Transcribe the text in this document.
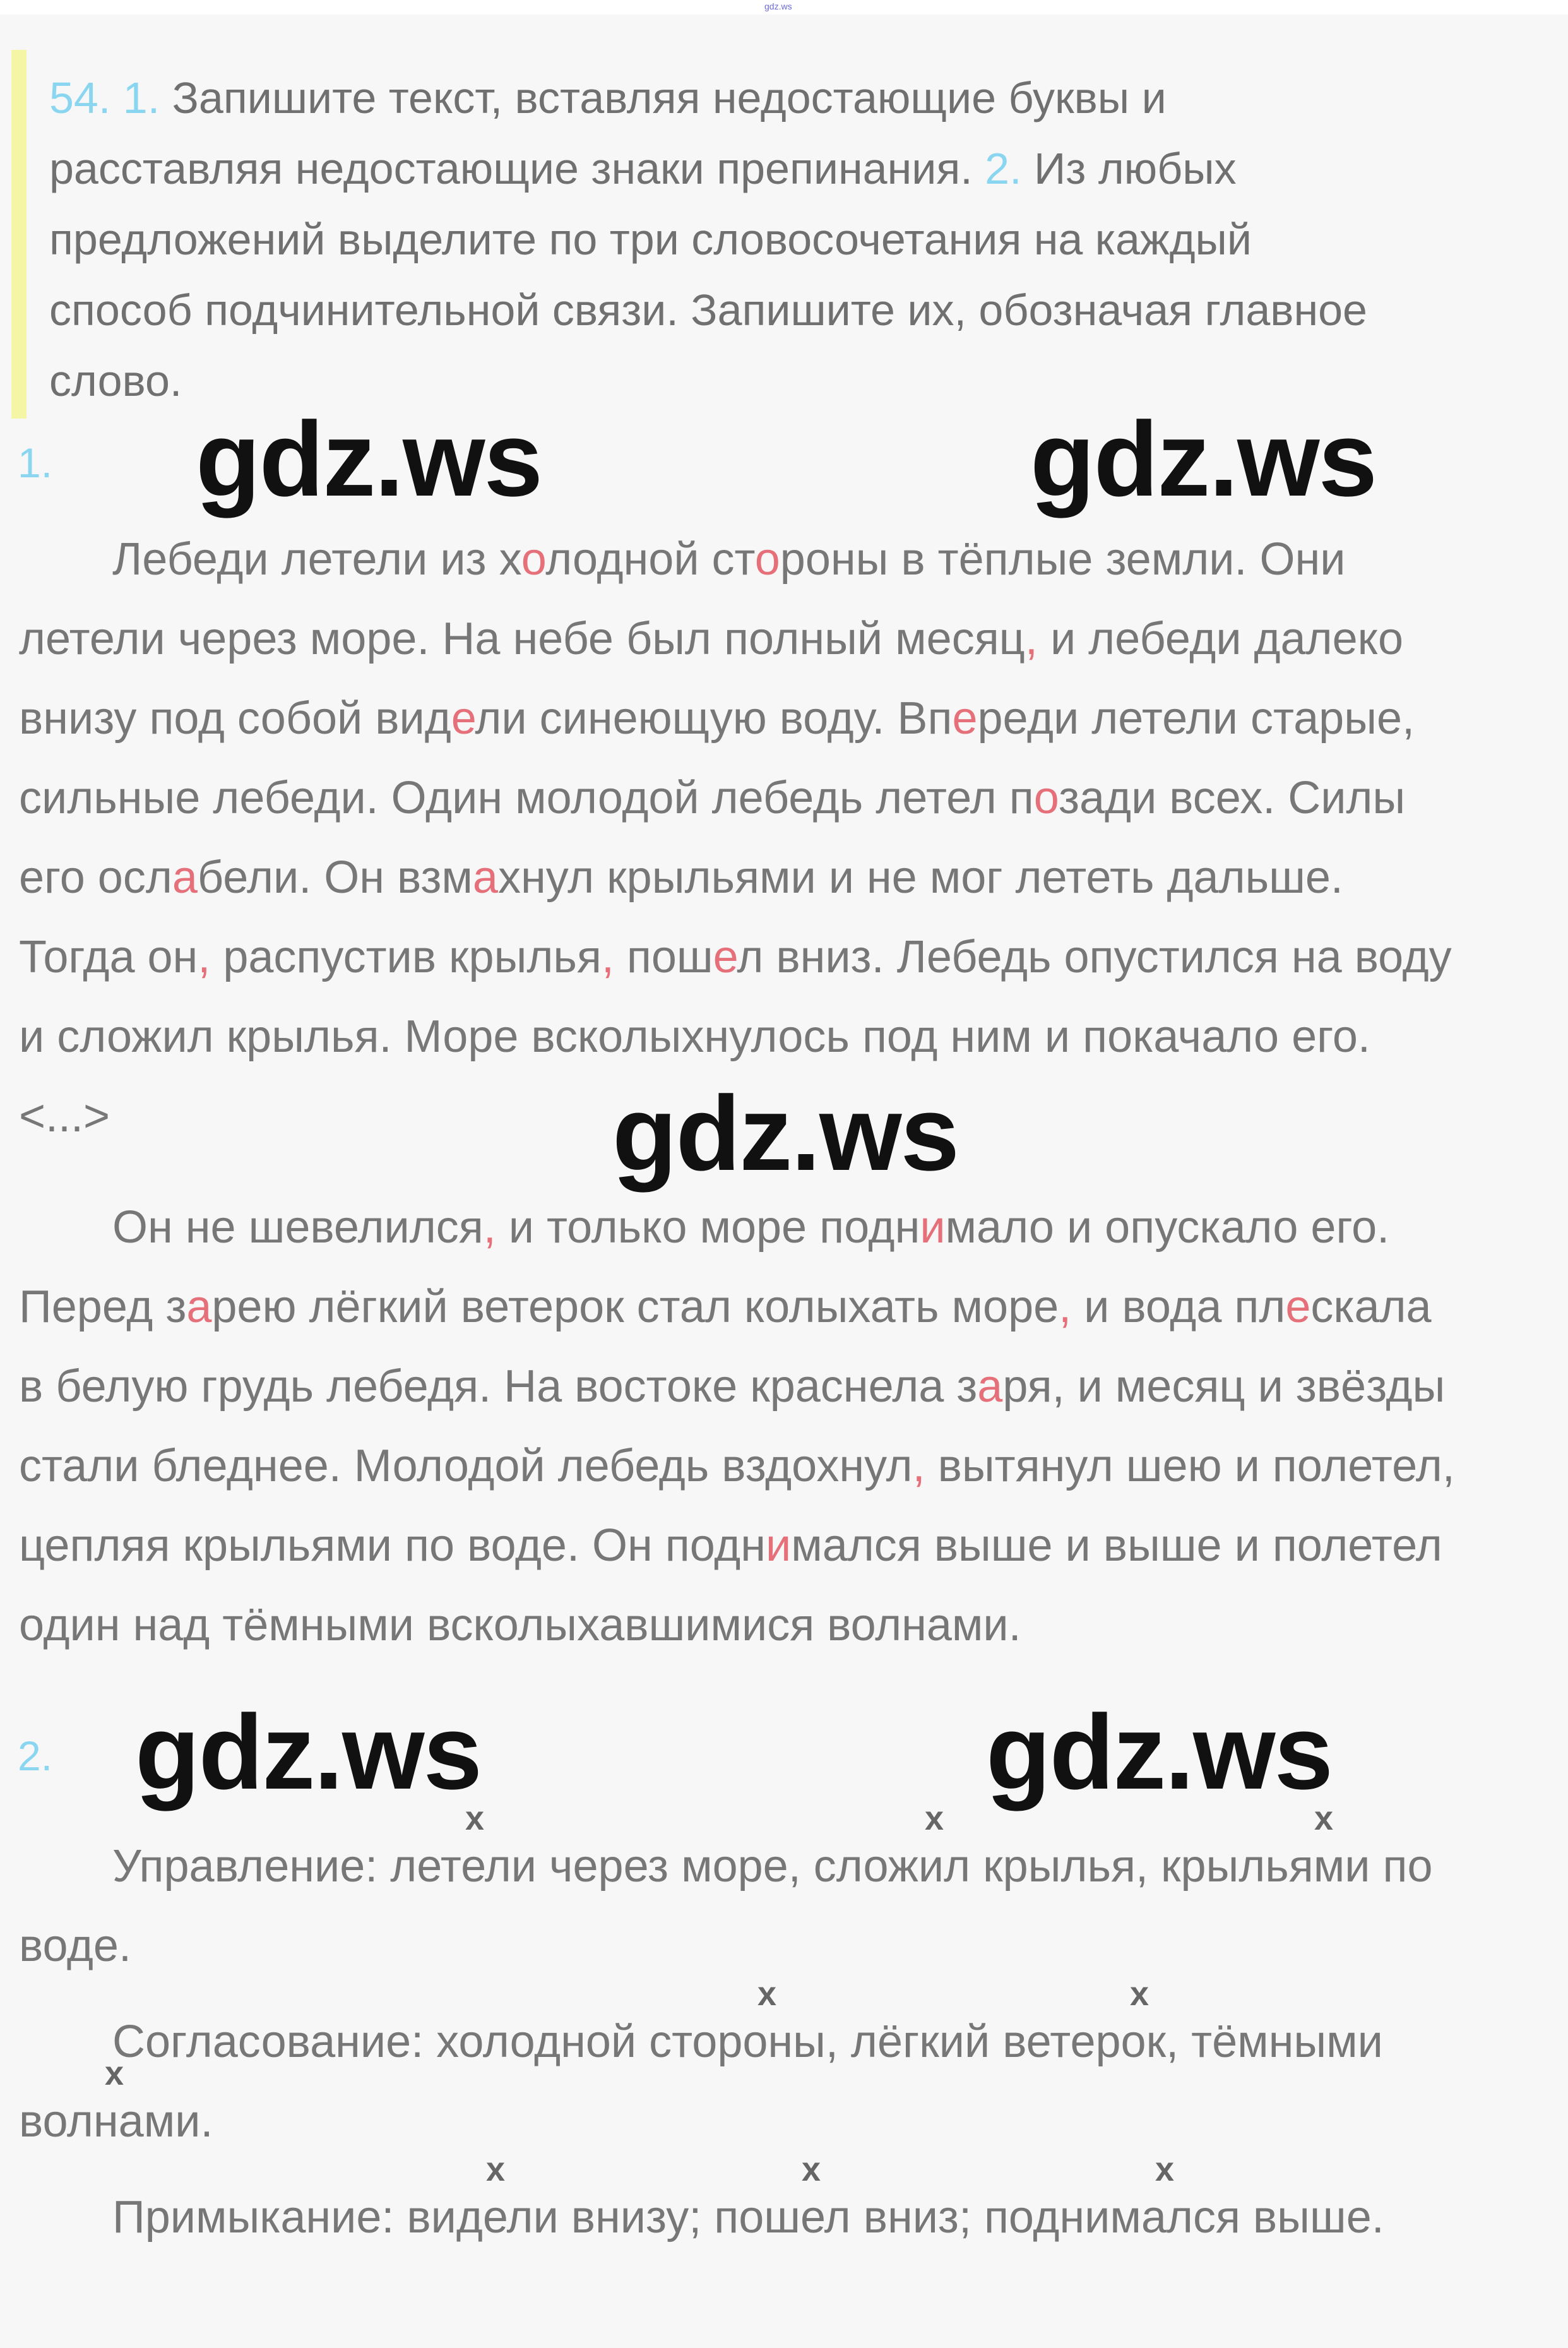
gdz.ws
54. 1. Запишите текст, вставляя недостающие буквы и
расставляя недостающие знаки препинания. 2. Из любых
предложений выделите по три словосочетания на каждый
способ подчинительной связи. Запишите их, обозначая главное
слово.
1. gdz.ws	gdz.ws
Лебеди летели из холодной стороны в тёплые земли. Они
летели через море. На небе был полный месяц, и лебеди далеко
внизу под собой видели синеющую воду. Впереди летели старые,
сильные лебеди. Один молодой лебедь летел позади всех. Силы
его ослабели. Он взмахнул крыльями и не мог лететь дальше.
Тогда он, распустив крылья, пошел вниз. Лебедь опустился на воду
и сложил крылья. Море всколыхнулось под ним и покачало его.
<...>	gdz.ws
Он не шевелился, и только море поднимало и опускало его.
Перед зарею лёгкий ветерок стал колыхать море, и вода плескала
в белую грудь лебедя. На востоке краснела заря, и месяц и звёзды
стали бледнее. Молодой лебедь вздохнул, вытянул шею и полетел,
цепляя крыльями по воде. Он поднимался выше и выше и полетел
один над тёмными всколыхавшимися волнами.
2. gdz.ws	gdz.ws
x	x	x
Управление: летели через море, сложил крылья, крыльями по
воде.
x	x
x
Согласование: холодной стороны, лёгкий ветерок, тёмными
волнами.
x	x	x
Примыкание: видели внизу; пошел вниз; поднимался выше.
